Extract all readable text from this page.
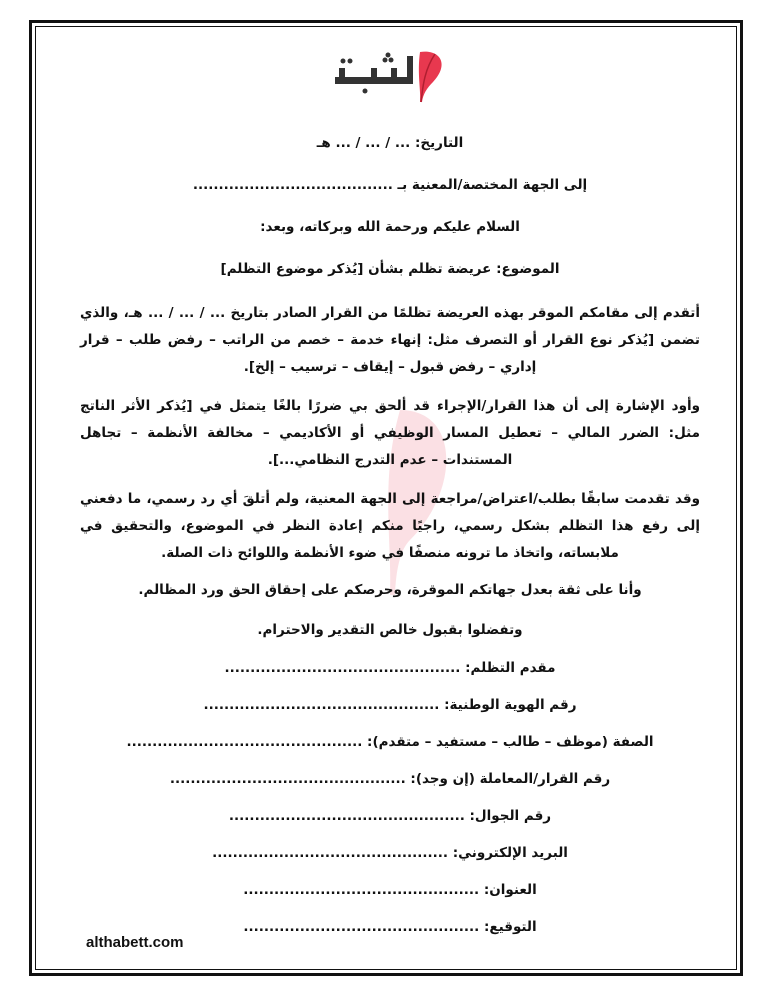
التاريخ: ... / ... / ... هـ
إلى الجهة المختصة/المعنية بـ .......................................
السلام عليكم ورحمة الله وبركاته، وبعد:
الموضوع: عريضة تظلم بشأن [يُذكر موضوع التظلم]

أتقدم إلى مقامكم الموقر بهذه العريضة تظلمًا من القرار الصادر بتاريخ ... / ... / ... هـ، والذي تضمن [يُذكر نوع القرار أو التصرف مثل: إنهاء خدمة – خصم من الراتب – رفض طلب – قرار إداري – رفض قبول – إيقاف – ترسيب – إلخ].

وأود الإشارة إلى أن هذا القرار/الإجراء قد ألحق بي ضررًا بالغًا يتمثل في [يُذكر الأثر الناتج مثل: الضرر المالي – تعطيل المسار الوظيفي أو الأكاديمي – مخالفة الأنظمة – تجاهل المستندات – عدم التدرج النظامي...].

وقد تقدمت سابقًا بطلب/اعتراض/مراجعة إلى الجهة المعنية، ولم أتلقَ أي رد رسمي، ما دفعني إلى رفع هذا التظلم بشكل رسمي، راجيًا منكم إعادة النظر في الموضوع، والتحقيق في ملابساته، واتخاذ ما ترونه منصفًا في ضوء الأنظمة واللوائح ذات الصلة.

وأنا على ثقة بعدل جهاتكم الموقرة، وحرصكم على إحقاق الحق ورد المظالم.
وتفضلوا بقبول خالص التقدير والاحترام.
مقدم التظلم: ..............................................
رقم الهوية الوطنية: ..............................................
الصفة (موظف – طالب – مستفيد – متقدم): ..............................................
رقم القرار/المعاملة (إن وجد): ..............................................
رقم الجوال: ..............................................
البريد الإلكتروني: ..............................................
العنوان: ..............................................
التوقيع: ..............................................
althabett.com
